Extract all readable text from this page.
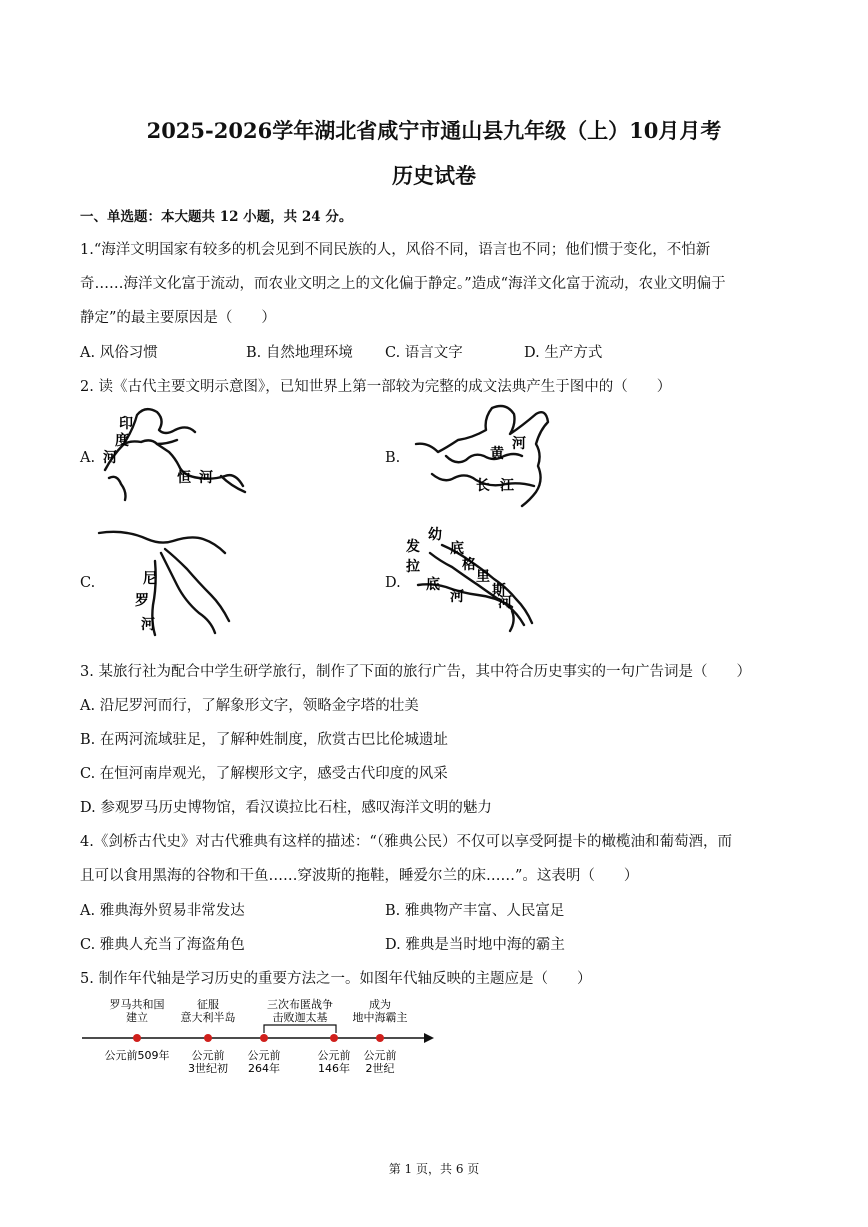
2025-2026学年湖北省咸宁市通山县九年级（上）10月月考
历史试卷
一、单选题：本大题共 12 小题，共 24 分。
1.“海洋文明国家有较多的机会见到不同民族的人，风俗不同，语言也不同；他们惯于变化，不怕新
奇……海洋文化富于流动，而农业文明之上的文化偏于静定。”造成“海洋文化富于流动，农业文明偏于
静定”的最主要原因是（　　）
A. 风俗习惯	B. 自然地理环境 C. 语言文字	D. 生产方式
2. 读《古代主要文明示意图》，已知世界上第一部较为完整的成文法典产生于图中的（　　）
A.	B.
C.	D.
印
度
河
恒 河
黄
河
长 江
尼
罗
河
幼
发
拉
底
格
里
底
河 斯
河
3. 某旅行社为配合中学生研学旅行，制作了下面的旅行广告，其中符合历史事实的一句广告词是（　　）
A. 沿尼罗河而行，了解象形文字，领略金字塔的壮美
B. 在两河流域驻足，了解种姓制度，欣赏古巴比伦城遗址
C. 在恒河南岸观光，了解楔形文字，感受古代印度的风采
D. 参观罗马历史博物馆，看汉谟拉比石柱，感叹海洋文明的魅力
4.《剑桥古代史》对古代雅典有这样的描述：“（雅典公民）不仅可以享受阿提卡的橄榄油和葡萄酒，而
且可以食用黑海的谷物和干鱼……穿波斯的拖鞋，睡爱尔兰的床……”。这表明（　　）
A. 雅典海外贸易非常发达	B. 雅典物产丰富、人民富足
C. 雅典人充当了海盗角色	D. 雅典是当时地中海的霸主
5. 制作年代轴是学习历史的重要方法之一。如图年代轴反映的主题应是（　　）
罗马共和国
建立
征服
意大利半岛
三次布匿战争
击败迦太基
成为
地中海霸主
公元前509年 公元前
3世纪初
公元前
264年
公元前
146年
公元前
2世纪
第 1 页，共 6 页
